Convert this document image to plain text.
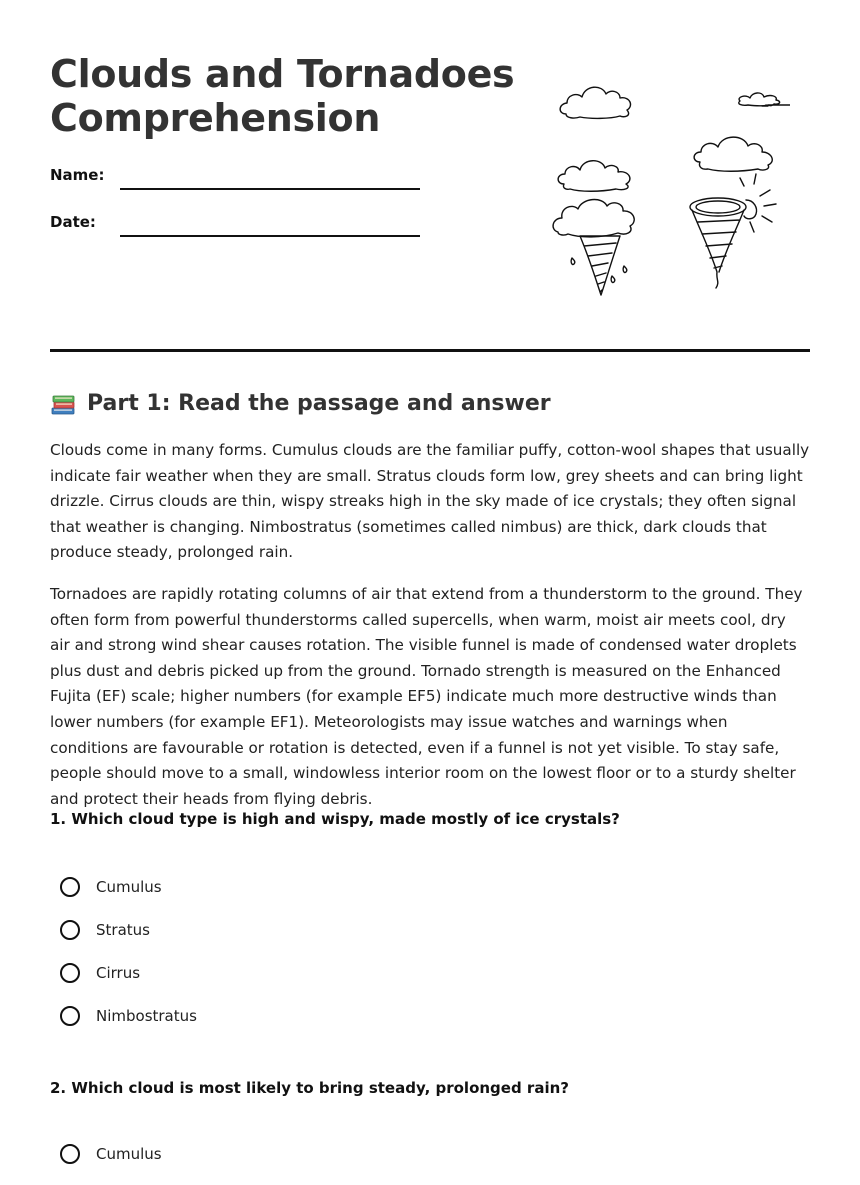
Clouds and Tornadoes Comprehension
Name:
Date:
Part 1: Read the passage and answer

Clouds come in many forms. Cumulus clouds are the familiar puffy, cotton-wool shapes that usually indicate fair weather when they are small. Stratus clouds form low, grey sheets and can bring light drizzle. Cirrus clouds are thin, wispy streaks high in the sky made of ice crystals; they often signal that weather is changing. Nimbostratus (sometimes called nimbus) are thick, dark clouds that produce steady, prolonged rain.

Tornadoes are rapidly rotating columns of air that extend from a thunderstorm to the ground. They often form from powerful thunderstorms called supercells, when warm, moist air meets cool, dry air and strong wind shear causes rotation. The visible funnel is made of condensed water droplets plus dust and debris picked up from the ground. Tornado strength is measured on the Enhanced Fujita (EF) scale; higher numbers (for example EF5) indicate much more destructive winds than lower numbers (for example EF1). Meteorologists may issue watches and warnings when conditions are favourable or rotation is detected, even if a funnel is not yet visible. To stay safe, people should move to a small, windowless interior room on the lowest floor or to a sturdy shelter and protect their heads from flying debris.

1. Which cloud type is high and wispy, made mostly of ice crystals?

Cumulus
Stratus
Cirrus
Nimbostratus

2. Which cloud is most likely to bring steady, prolonged rain?

Cumulus
